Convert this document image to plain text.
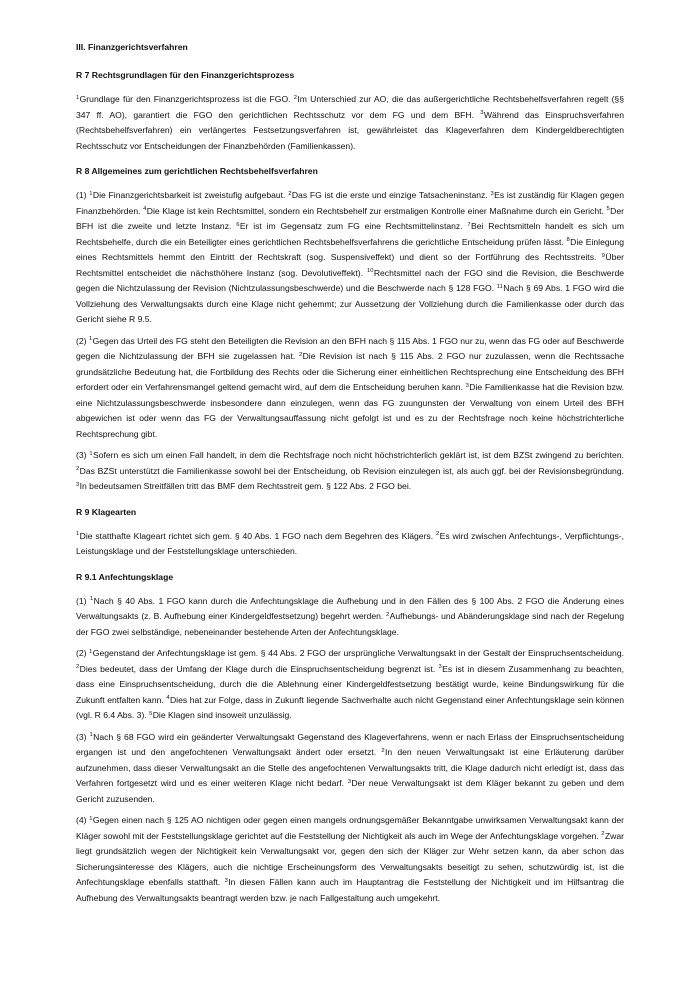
III. Finanzgerichtsverfahren
R 7 Rechtsgrundlagen für den Finanzgerichtsprozess

$^1$Grundlage für den Finanzgerichtsprozess ist die FGO. $^2$Im Unterschied zur AO, die das außergerichtliche Rechtsbehelfsverfahren regelt (§§ 347 ff. AO), garantiert die FGO den gerichtlichen Rechtsschutz vor dem FG und dem BFH. $^3$Während das Einspruchsverfahren (Rechtsbehelfsverfahren) ein verlängertes Festsetzungsverfahren ist, gewährleistet das Klageverfahren dem Kindergeldberechtigten Rechtsschutz vor Entscheidungen der Finanzbehörden (Familienkassen).

R 8 Allgemeines zum gerichtlichen Rechtsbehelfsverfahren

(1) $^1$Die Finanzgerichtsbarkeit ist zweistufig aufgebaut. $^2$Das FG ist die erste und einzige Tatsacheninstanz. $^3$Es ist zuständig für Klagen gegen Finanzbehörden. $^4$Die Klage ist kein Rechtsmittel, sondern ein Rechtsbehelf zur erstmaligen Kontrolle einer Maßnahme durch ein Gericht. $^5$Der BFH ist die zweite und letzte Instanz. $^6$Er ist im Gegensatz zum FG eine Rechtsmittelinstanz. $^7$Bei Rechtsmitteln handelt es sich um Rechtsbehelfe, durch die ein Beteiligter eines gerichtlichen Rechtsbehelfsverfahrens die gerichtliche Entscheidung prüfen lässt. $^8$Die Einlegung eines Rechtsmittels hemmt den Eintritt der Rechtskraft (sog. Suspensiveffekt) und dient so der Fortführung des Rechtsstreits. $^9$Über Rechtsmittel entscheidet die nächsthöhere Instanz (sog. Devolutiveffekt). $^{10}$Rechtsmittel nach der FGO sind die Revision, die Beschwerde gegen die Nichtzulassung der Revision (Nichtzulassungsbeschwerde) und die Beschwerde nach § 128 FGO. $^{11}$Nach § 69 Abs. 1 FGO wird die Vollziehung des Verwaltungsakts durch eine Klage nicht gehemmt; zur Aussetzung der Vollziehung durch die Familienkasse oder durch das Gericht siehe R 9.5.

(2) $^1$Gegen das Urteil des FG steht den Beteiligten die Revision an den BFH nach § 115 Abs. 1 FGO nur zu, wenn das FG oder auf Beschwerde gegen die Nichtzulassung der BFH sie zugelassen hat. $^2$Die Revision ist nach § 115 Abs. 2 FGO nur zuzulassen, wenn die Rechtssache grundsätzliche Bedeutung hat, die Fortbildung des Rechts oder die Sicherung einer einheitlichen Rechtsprechung eine Entscheidung des BFH erfordert oder ein Verfahrensmangel geltend gemacht wird, auf dem die Entscheidung beruhen kann. $^3$Die Familienkasse hat die Revision bzw. eine Nichtzulassungsbeschwerde insbesondere dann einzulegen, wenn das FG zuungunsten der Verwaltung von einem Urteil des BFH abgewichen ist oder wenn das FG der Verwaltungsauffassung nicht gefolgt ist und es zu der Rechtsfrage noch keine höchstrichterliche Rechtsprechung gibt.

(3) $^1$Sofern es sich um einen Fall handelt, in dem die Rechtsfrage noch nicht höchstrichterlich geklärt ist, ist dem BZSt zwingend zu berichten. $^2$Das BZSt unterstützt die Familienkasse sowohl bei der Entscheidung, ob Revision einzulegen ist, als auch ggf. bei der Revisionsbegründung. $^3$In bedeutsamen Streitfällen tritt das BMF dem Rechtsstreit gem. § 122 Abs. 2 FGO bei.

R 9 Klagearten

$^1$Die statthafte Klageart richtet sich gem. § 40 Abs. 1 FGO nach dem Begehren des Klägers. $^2$Es wird zwischen Anfechtungs-, Verpflichtungs-, Leistungsklage und der Feststellungsklage unterschieden.

R 9.1 Anfechtungsklage

(1) $^1$Nach § 40 Abs. 1 FGO kann durch die Anfechtungsklage die Aufhebung und in den Fällen des § 100 Abs. 2 FGO die Änderung eines Verwaltungsakts (z. B. Aufhebung einer Kindergeldfestsetzung) begehrt werden. $^2$Aufhebungs- und Abänderungsklage sind nach der Regelung der FGO zwei selbständige, nebeneinander bestehende Arten der Anfechtungsklage.

(2) $^1$Gegenstand der Anfechtungsklage ist gem. § 44 Abs. 2 FGO der ursprüngliche Verwaltungsakt in der Gestalt der Einspruchsentscheidung. $^2$Dies bedeutet, dass der Umfang der Klage durch die Einspruchsentscheidung begrenzt ist. $^3$Es ist in diesem Zusammenhang zu beachten, dass eine Einspruchsentscheidung, durch die die Ablehnung einer Kindergeldfestsetzung bestätigt wurde, keine Bindungswirkung für die Zukunft entfalten kann. $^4$Dies hat zur Folge, dass in Zukunft liegende Sachverhalte auch nicht Gegenstand einer Anfechtungsklage sein können (vgl. R 6.4 Abs. 3). $^5$Die Klagen sind insoweit unzulässig.

(3) $^1$Nach § 68 FGO wird ein geänderter Verwaltungsakt Gegenstand des Klageverfahrens, wenn er nach Erlass der Einspruchsentscheidung ergangen ist und den angefochtenen Verwaltungsakt ändert oder ersetzt. $^2$In den neuen Verwaltungsakt ist eine Erläuterung darüber aufzunehmen, dass dieser Verwaltungsakt an die Stelle des angefochtenen Verwaltungsakts tritt, die Klage dadurch nicht erledigt ist, dass das Verfahren fortgesetzt wird und es einer weiteren Klage nicht bedarf. $^3$Der neue Verwaltungsakt ist dem Kläger bekannt zu geben und dem Gericht zuzusenden.

(4) $^1$Gegen einen nach § 125 AO nichtigen oder gegen einen mangels ordnungsgemäßer Bekanntgabe unwirksamen Verwaltungsakt kann der Kläger sowohl mit der Feststellungsklage gerichtet auf die Feststellung der Nichtigkeit als auch im Wege der Anfechtungsklage vorgehen. $^2$Zwar liegt grundsätzlich wegen der Nichtigkeit kein Verwaltungsakt vor, gegen den sich der Kläger zur Wehr setzen kann, da aber schon das Sicherungsinteresse des Klägers, auch die nichtige Erscheinungsform des Verwaltungsakts beseitigt zu sehen, schutzwürdig ist, ist die Anfechtungsklage ebenfalls statthaft. $^3$In diesen Fällen kann auch im Hauptantrag die Feststellung der Nichtigkeit und im Hilfsantrag die Aufhebung des Verwaltungsakts beantragt werden bzw. je nach Fallgestaltung auch umgekehrt.
